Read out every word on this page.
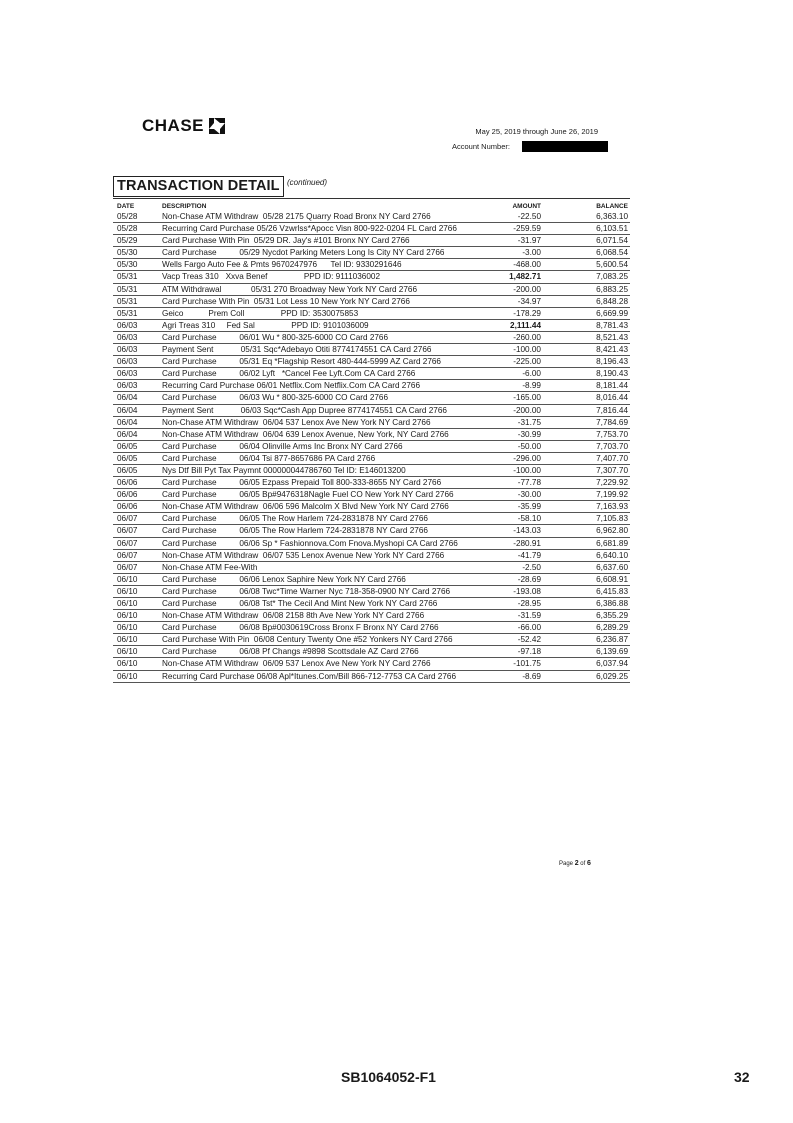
CHASE	May 25, 2019 through June 26, 2019
Account Number:
TRANSACTION DETAIL (continued)
DATE	DESCRIPTION	AMOUNT	BALANCE
05/28	Non-Chase ATM Withdraw  05/28 2175 Quarry Road Bronx NY Card 2766	-22.50	6,363.10
05/28	Recurring Card Purchase 05/26 Vzwrlss*Apocc Visn 800-922-0204 FL Card 2766	-259.59	6,103.51
05/29	Card Purchase With Pin  05/29 DR. Jay's #101 Bronx NY Card 2766	-31.97	6,071.54
05/30	Card Purchase          05/29 Nycdot Parking Meters Long Is City NY Card 2766	-3.00	6,068.54
05/30	Wells Fargo Auto Fee & Pmts 9670247976      Tel ID: 9330291646	-468.00	5,600.54
05/31	Vacp Treas 310   Xxva Benef                PPD ID: 9111036002	1,482.71	7,083.25
05/31	ATM Withdrawal             05/31 270 Broadway New York NY Card 2766	-200.00	6,883.25
05/31	Card Purchase With Pin  05/31 Lot Less 10 New York NY Card 2766	-34.97	6,848.28
05/31	Geico           Prem Coll                PPD ID: 3530075853	-178.29	6,669.99
06/03	Agri Treas 310     Fed Sal                PPD ID: 9101036009	2,111.44	8,781.43
06/03	Card Purchase          06/01 Wu * 800-325-6000 CO Card 2766	-260.00	8,521.43
06/03	Payment Sent            05/31 Sqc*Adebayo Otiti 8774174551 CA Card 2766	-100.00	8,421.43
06/03	Card Purchase          05/31 Eq *Flagship Resort 480-444-5999 AZ Card 2766	-225.00	8,196.43
06/03	Card Purchase          06/02 Lyft   *Cancel Fee Lyft.Com CA Card 2766	-6.00	8,190.43
06/03	Recurring Card Purchase 06/01 Netflix.Com Netflix.Com CA Card 2766	-8.99	8,181.44
06/04	Card Purchase          06/03 Wu * 800-325-6000 CO Card 2766	-165.00	8,016.44
06/04	Payment Sent            06/03 Sqc*Cash App Dupree 8774174551 CA Card 2766	-200.00	7,816.44
06/04	Non-Chase ATM Withdraw  06/04 537 Lenox Ave New York NY Card 2766	-31.75	7,784.69
06/04	Non-Chase ATM Withdraw  06/04 639 Lenox Avenue, New York, NY Card 2766	-30.99	7,753.70
06/05	Card Purchase          06/04 Olinville Arms Inc Bronx NY Card 2766	-50.00	7,703.70
06/05	Card Purchase          06/04 Tsi 877-8657686 PA Card 2766	-296.00	7,407.70
06/05	Nys Dtf Bill Pyt Tax Paymnt 000000044786760 Tel ID: E146013200	-100.00	7,307.70
06/06	Card Purchase          06/05 Ezpass Prepaid Toll 800-333-8655 NY Card 2766	-77.78	7,229.92
06/06	Card Purchase          06/05 Bp#9476318Nagle Fuel CO New York NY Card 2766	-30.00	7,199.92
06/06	Non-Chase ATM Withdraw  06/06 596 Malcolm X Blvd New York NY Card 2766	-35.99	7,163.93
06/07	Card Purchase          06/05 The Row Harlem 724-2831878 NY Card 2766	-58.10	7,105.83
06/07	Card Purchase          06/05 The Row Harlem 724-2831878 NY Card 2766	-143.03	6,962.80
06/07	Card Purchase          06/06 Sp * Fashionnova.Com Fnova.Myshopi CA Card 2766	-280.91	6,681.89
06/07	Non-Chase ATM Withdraw  06/07 535 Lenox Avenue New York NY Card 2766	-41.79	6,640.10
06/07	Non-Chase ATM Fee-With	-2.50	6,637.60
06/10	Card Purchase          06/06 Lenox Saphire New York NY Card 2766	-28.69	6,608.91
06/10	Card Purchase          06/08 Twc*Time Warner Nyc 718-358-0900 NY Card 2766	-193.08	6,415.83
06/10	Card Purchase          06/08 Tst* The Cecil And Mint New York NY Card 2766	-28.95	6,386.88
06/10	Non-Chase ATM Withdraw  06/08 2158 8th Ave New York NY Card 2766	-31.59	6,355.29
06/10	Card Purchase          06/08 Bp#0030619Cross Bronx F Bronx NY Card 2766	-66.00	6,289.29
06/10	Card Purchase With Pin  06/08 Century Twenty One #52 Yonkers NY Card 2766	-52.42	6,236.87
06/10	Card Purchase          06/08 Pf Changs #9898 Scottsdale AZ Card 2766	-97.18	6,139.69
06/10	Non-Chase ATM Withdraw  06/09 537 Lenox Ave New York NY Card 2766	-101.75	6,037.94
06/10	Recurring Card Purchase 06/08 Apl*Itunes.Com/Bill 866-712-7753 CA Card 2766	-8.69	6,029.25
Page 2 of 6
SB1064052-F1	32
